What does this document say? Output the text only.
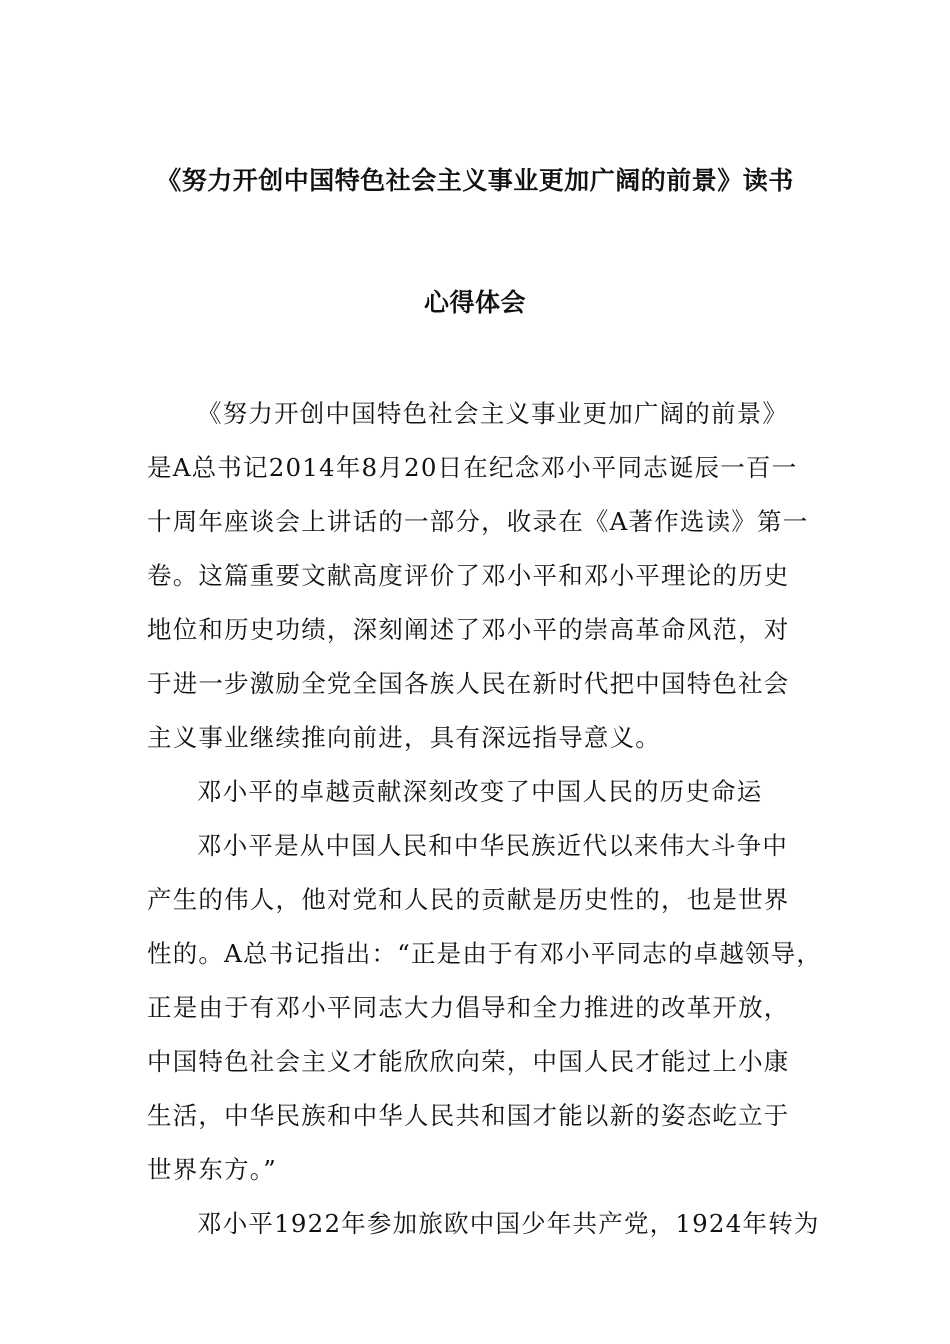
《努力开创中国特色社会主义事业更加广阔的前景》读书
心得体会
《努力开创中国特色社会主义事业更加广阔的前景》
是A总书记2014年8月20日在纪念邓小平同志诞辰一百一
十周年座谈会上讲话的一部分，收录在《A著作选读》第一
卷。这篇重要文献高度评价了邓小平和邓小平理论的历史
地位和历史功绩，深刻阐述了邓小平的崇高革命风范，对
于进一步激励全党全国各族人民在新时代把中国特色社会
主义事业继续推向前进，具有深远指导意义。
邓小平的卓越贡献深刻改变了中国人民的历史命运
邓小平是从中国人民和中华民族近代以来伟大斗争中
产生的伟人，他对党和人民的贡献是历史性的，也是世界
性的。A总书记指出：“正是由于有邓小平同志的卓越领导，
正是由于有邓小平同志大力倡导和全力推进的改革开放，
中国特色社会主义才能欣欣向荣，中国人民才能过上小康
生活，中华民族和中华人民共和国才能以新的姿态屹立于
世界东方。”
邓小平1922年参加旅欧中国少年共产党，1924年转为
